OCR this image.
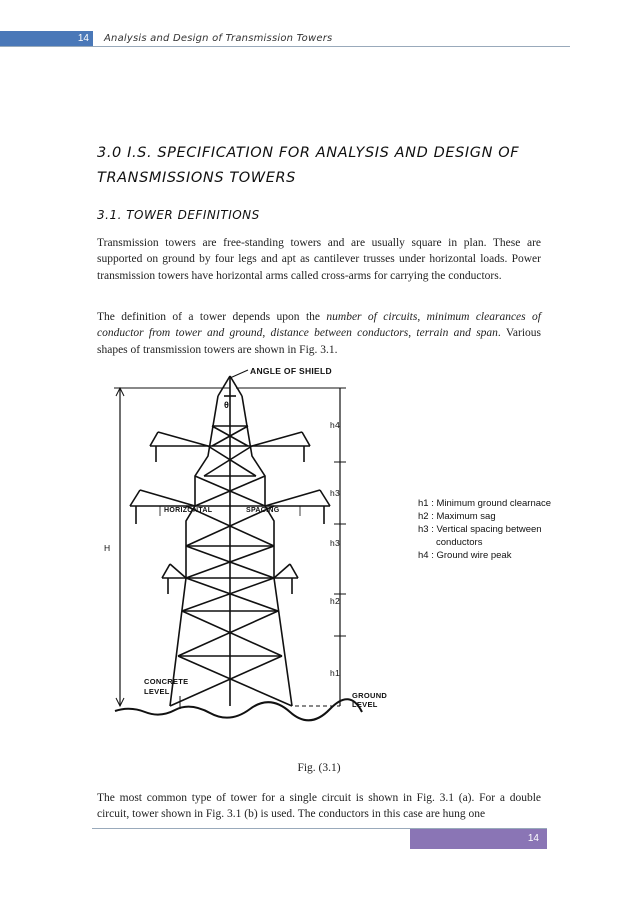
14	Analysis and Design of Transmission Towers
3.0 I.S. SPECIFICATION FOR ANALYSIS AND DESIGN OF TRANSMISSIONS TOWERS
3.1. TOWER DEFINITIONS

Transmission towers are free-standing towers and are usually square in plan. These are supported on ground by four legs and apt as cantilever trusses under horizontal loads. Power transmission towers have horizontal arms called cross-arms for carrying the conductors.

The definition of a tower depends upon the number of circuits, minimum clearances of conductor from tower and ground, distance between conductors, terrain and span. Various shapes of transmission towers are shown in Fig. 3.1.

ANGLE OF SHIELD
θ
h4
h3
h3
h2
h1
HORIZONTAL	SPACING
H
CONCRETE
LEVEL	GROUND
LEVEL
h1 : Minimum ground clearnace
h2 : Maximum sag
h3 : Vertical spacing between
conductors
h4 : Ground wire peak
Fig. (3.1)

The most common type of tower for a single circuit is shown in Fig. 3.1 (a). For a double circuit, tower shown in Fig. 3.1 (b) is used. The conductors in this case are hung one

14
